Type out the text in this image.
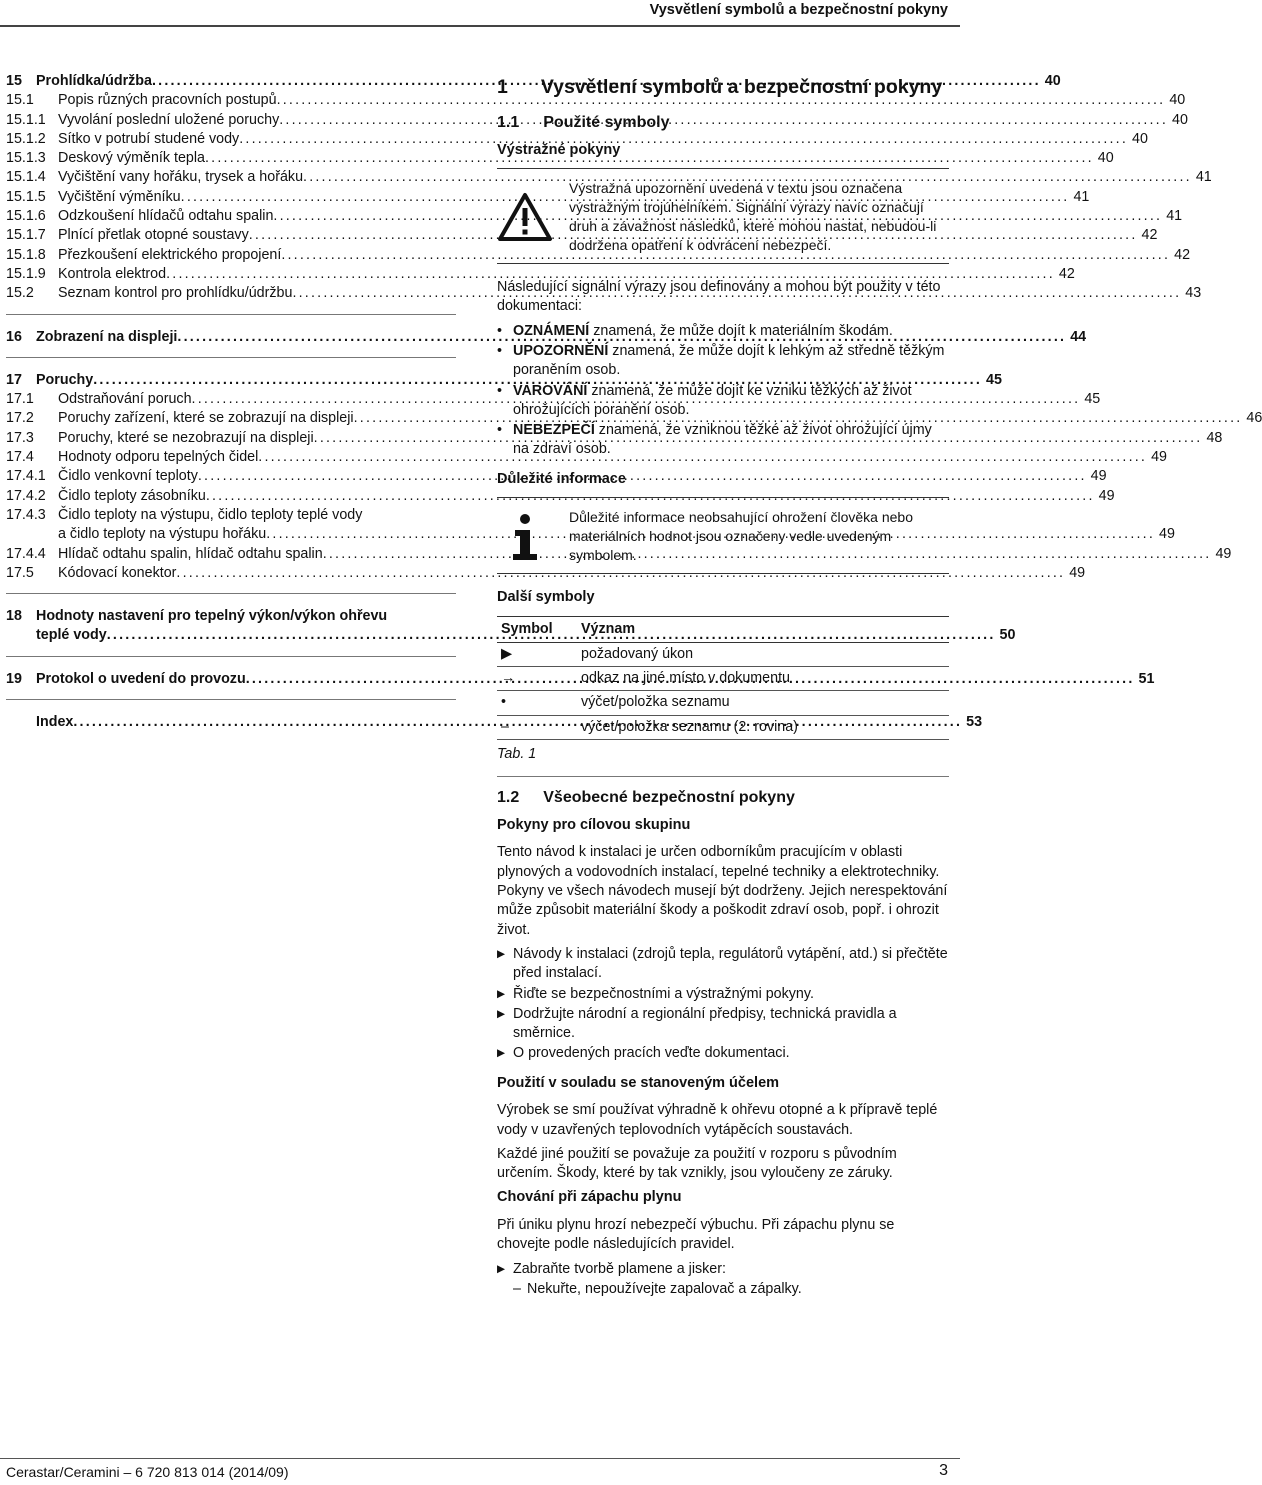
Vysvětlení symbolů a bezpečnostní pokyny
15 Prohlídka/údržba .....	40
15.1	Popis různých pracovních postupů .....	40
15.1.1 Vyvolání poslední uložené poruchy .....	40
15.1.2 Sítko v potrubí studené vody .....	40
15.1.3 Deskový výměník tepla .....	40
15.1.4 Vyčištění vany hořáku, trysek a hořáku .....	41
15.1.5 Vyčištění výměníku .....	41
15.1.6 Odzkoušení hlídačů odtahu spalin .....	41
15.1.7 Plnící přetlak otopné soustavy .....	42
15.1.8 Přezkoušení elektrického propojení .....	42
15.1.9 Kontrola elektrod .....	42
15.2	Seznam kontrol pro prohlídku/údržbu .....	43
16 Zobrazení na displeji .....	44
17 Poruchy .....	45
17.1	Odstraňování poruch .....	45
17.2	Poruchy zařízení, které se zobrazují na displeji .....	46
17.3	Poruchy, které se nezobrazují na displeji .....	48
17.4	Hodnoty odporu tepelných čidel .....	49
17.4.1 Čidlo venkovní teploty .....	49
17.4.2 Čidlo teploty zásobníku .....	49
17.4.3 Čidlo teploty na výstupu, čidlo teploty teplé vody
a čidlo teploty na výstupu hořáku .....	49
17.4.4 Hlídač odtahu spalin, hlídač odtahu spalin .....	49
17.5	Kódovací konektor .....	49
18 Hodnoty nastavení pro tepelný výkon/výkon ohřevu
teplé vody .....	50
19 Protokol o uvedení do provozu .....	51
Index .....	53
1 Vysvětlení symbolů a bezpečnostní pokyny
1.1 Použité symboly
Výstražné pokyny
Výstražná upozornění uvedená v textu jsou označena výstražným trojúhelníkem. Signální výrazy navíc označují druh a závažnost následků, které mohou nastat, nebudou-li dodržena opatření k odvrácení nebezpečí.

Následující signální výrazy jsou definovány a mohou být použity v této dokumentaci:

• OZNÁMENÍ znamená, že může dojít k materiálním škodám.
• UPOZORNĚNÍ znamená, že může dojít k lehkým až středně těžkým poraněním osob.
• VAROVÁNÍ znamená, že může dojít ke vzniku těžkých až život ohrožujících poranění osob.
• NEBEZPEČÍ znamená, že vzniknou těžké až život ohrožující újmy na zdraví osob.
Důležité informace
Důležité informace neobsahující ohrožení člověka nebo materiálních hodnot jsou označeny vedle uvedeným symbolem.
Další symboly
Symbol	Význam
▶	požadovaný úkon
→	odkaz na jiné místo v dokumentu
•	výčet/položka seznamu
–	výčet/položka seznamu (2. rovina)
Tab. 1
1.2 Všeobecné bezpečnostní pokyny
Pokyny pro cílovou skupinu

Tento návod k instalaci je určen odborníkům pracujícím v oblasti plynových a vodovodních instalací, tepelné techniky a elektrotechniky. Pokyny ve všech návodech musejí být dodrženy. Jejich nerespektování může způsobit materiální škody a poškodit zdraví osob, popř. i ohrozit život.

▶ Návody k instalaci (zdrojů tepla, regulátorů vytápění, atd.) si přečtěte před instalací.
▶ Řiďte se bezpečnostními a výstražnými pokyny.
▶ Dodržujte národní a regionální předpisy, technická pravidla a směrnice.
▶ O provedených pracích veďte dokumentaci.
Použití v souladu se stanoveným účelem

Výrobek se smí používat výhradně k ohřevu otopné a k přípravě teplé vody v uzavřených teplovodních vytápěcích soustavách.

Každé jiné použití se považuje za použití v rozporu s původním určením. Škody, které by tak vznikly, jsou vyloučeny ze záruky.

Chování při zápachu plynu

Při úniku plynu hrozí nebezpečí výbuchu. Při zápachu plynu se chovejte podle následujících pravidel.

▶ Zabraňte tvorbě plamene a jisker:
– Nekuřte, nepoužívejte zapalovač a zápalky.
Cerastar/Ceramini – 6 720 813 014 (2014/09)	3
